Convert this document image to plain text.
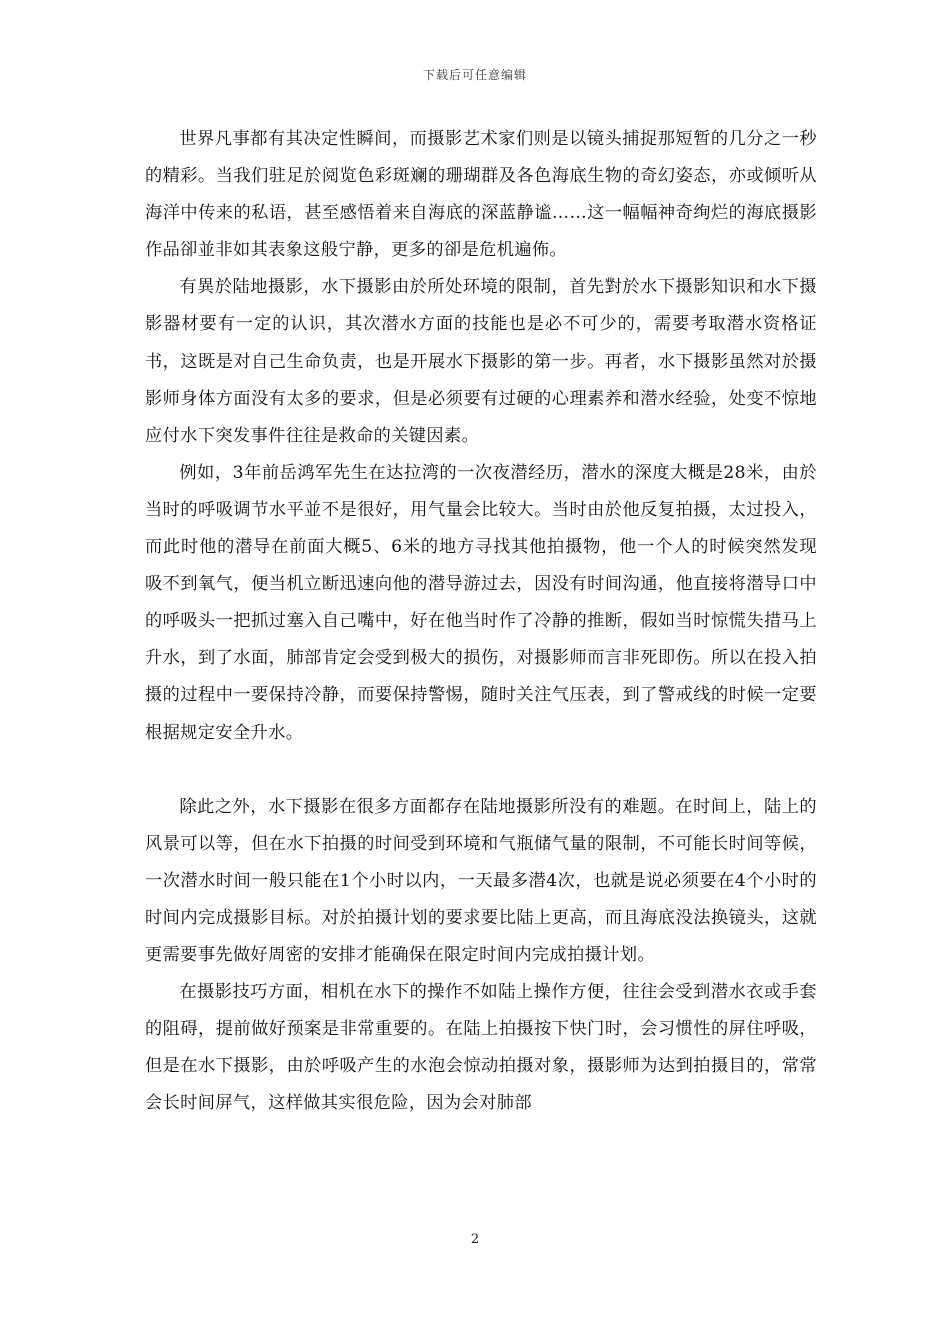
下载后可任意编辑

世界凡事都有其决定性瞬间，而摄影艺术家们则是以镜头捕捉那短暂的几分之一秒的精彩。当我们驻足於阅览色彩斑斓的珊瑚群及各色海底生物的奇幻姿态，亦或倾听从海洋中传来的私语，甚至感悟着来自海底的深蓝静谧……这一幅幅神奇绚烂的海底摄影作品卻並非如其表象这般宁静，更多的卻是危机遍佈。

有異於陆地摄影，水下摄影由於所处环境的限制，首先對於水下摄影知识和水下摄影器材要有一定的认识，其次潜水方面的技能也是必不可少的，需要考取潜水资格证书，这既是对自己生命负责，也是开展水下摄影的第一步。再者，水下摄影虽然对於摄影师身体方面没有太多的要求，但是必须要有过硬的心理素养和潜水经验，处变不惊地应付水下突发事件往往是救命的关键因素。

例如，3年前岳鸿军先生在达拉湾的一次夜潜经历，潜水的深度大概是28米，由於当时的呼吸调节水平並不是很好，用气量会比较大。当时由於他反复拍摄，太过投入，而此时他的潜导在前面大概5、6米的地方寻找其他拍摄物，他一个人的时候突然发现吸不到氧气，便当机立断迅速向他的潜导游过去，因没有时间沟通，他直接将潜导口中的呼吸头一把抓过塞入自己嘴中，好在他当时作了冷静的推断，假如当时惊慌失措马上升水，到了水面，肺部肯定会受到极大的损伤，对摄影师而言非死即伤。所以在投入拍摄的过程中一要保持冷静，而要保持警惕，随时关注气压表，到了警戒线的时候一定要根据规定安全升水。

除此之外，水下摄影在很多方面都存在陆地摄影所没有的难题。在时间上，陆上的风景可以等，但在水下拍摄的时间受到环境和气瓶储气量的限制，不可能长时间等候，一次潜水时间一般只能在1个小时以内，一天最多潜4次，也就是说必须要在4个小时的时间内完成摄影目标。对於拍摄计划的要求要比陆上更高，而且海底没法换镜头，这就更需要事先做好周密的安排才能确保在限定时间内完成拍摄计划。

在摄影技巧方面，相机在水下的操作不如陆上操作方便，往往会受到潜水衣或手套的阻碍，提前做好预案是非常重要的。在陆上拍摄按下快门时，会习惯性的屏住呼吸，但是在水下摄影，由於呼吸产生的水泡会惊动拍摄对象，摄影师为达到拍摄目的，常常会长时间屏气，这样做其实很危险，因为会对肺部

2
